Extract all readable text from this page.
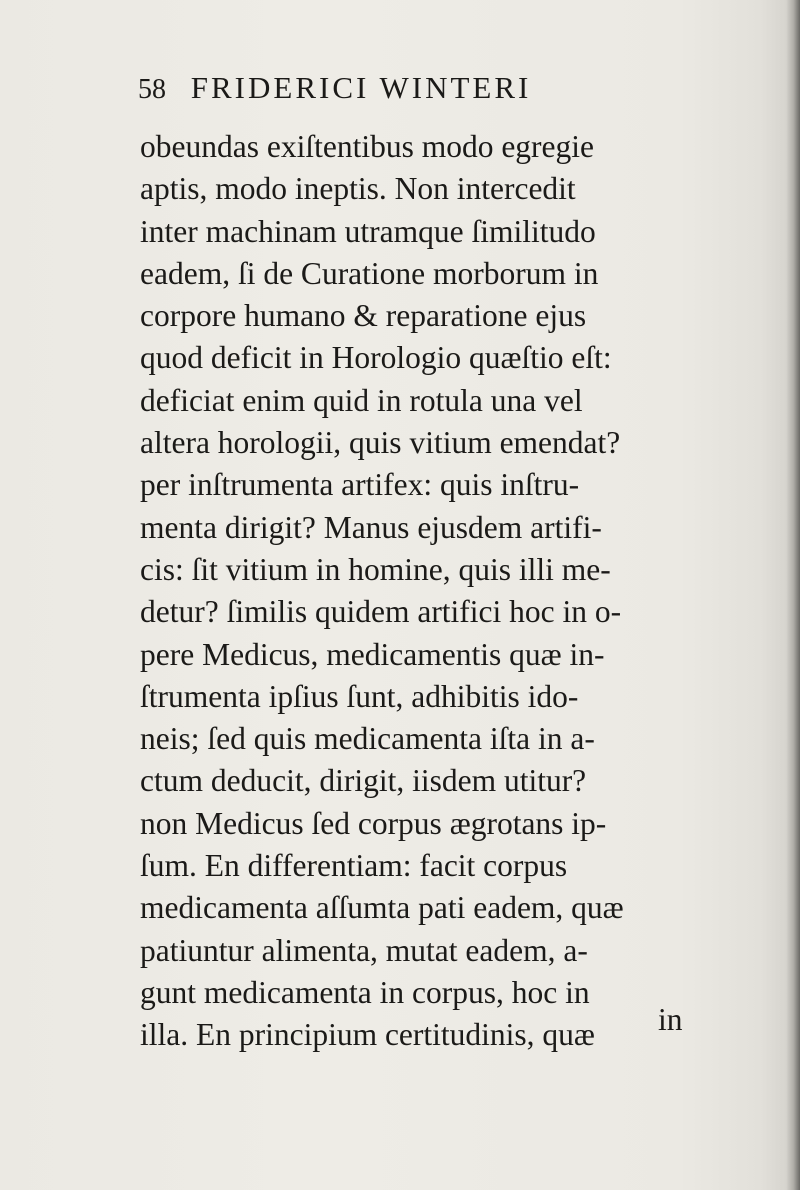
58 FRIDERICI WINTERI
obeundas exiſtentibus modo egregie
aptis, modo ineptis. Non intercedit
inter machinam utramque ſimilitudo
eadem, ſi de Curatione morborum in
corpore humano & reparatione ejus
quod deficit in Horologio quæſtio eſt:
deficiat enim quid in rotula una vel
altera horologii, quis vitium emendat?
per inſtrumenta artifex: quis inſtru-
menta dirigit? Manus ejusdem artifi-
cis: ſit vitium in homine, quis illi me-
detur? ſimilis quidem artifici hoc in o-
pere Medicus, medicamentis quæ in-
ſtrumenta ipſius ſunt, adhibitis ido-
neis; ſed quis medicamenta iſta in a-
ctum deducit, dirigit, iisdem utitur?
non Medicus ſed corpus ægrotans ip-
ſum. En differentiam: facit corpus
medicamenta aſſumta pati eadem, quæ
patiuntur alimenta, mutat eadem, a-
gunt medicamenta in corpus, hoc in
illa. En principium certitudinis, quæ	in
